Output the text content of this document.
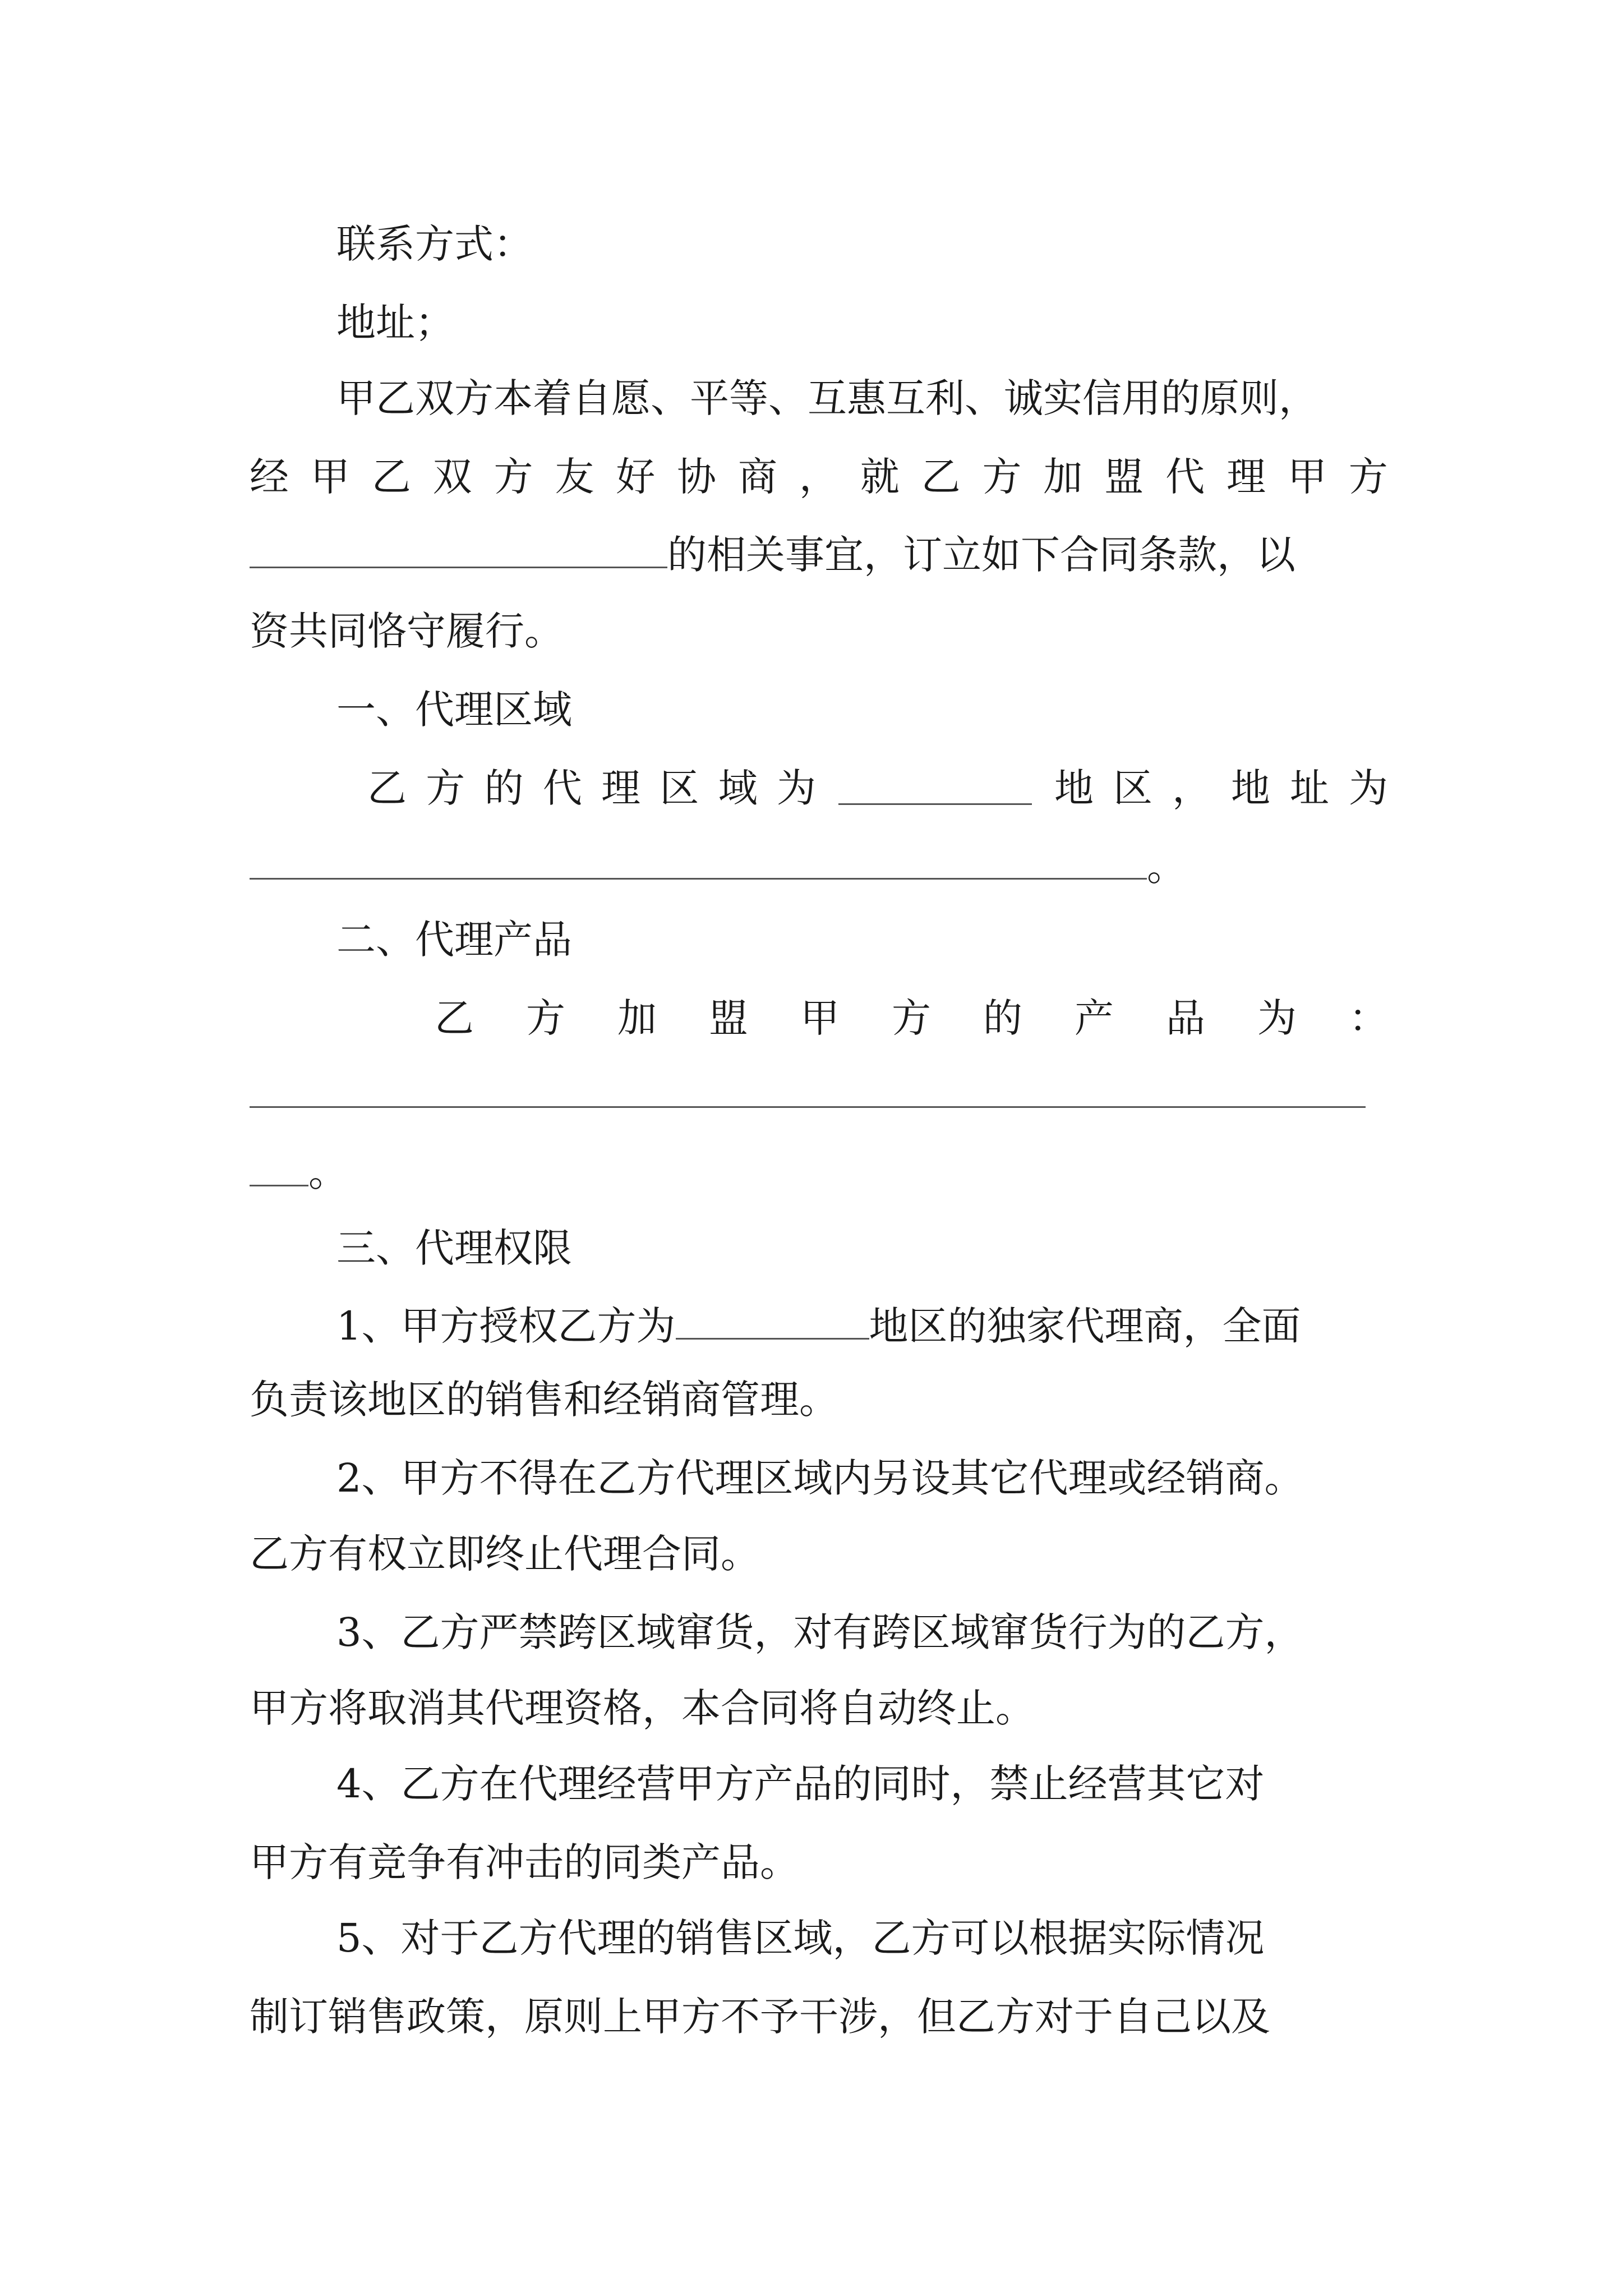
联系方式：
地址；
甲乙双方本着自愿、平等、互惠互利、诚实信用的原则，
经 甲 乙 双 方 友 好 协 商 ， 就 乙 方 加 盟 代 理 甲 方
的相关事宜，订立如下合同条款，以
资共同恪守履行。
一、代理区域
乙 方 的 代 理 区 域 为	地 区 ， 地 址 为
。
二、代理产品
乙 方 加 盟 甲 方 的 产 品 为 ：
。
三、代理权限
1、甲方授权乙方为	地区的独家代理商，全面
负责该地区的销售和经销商管理。
2、甲方不得在乙方代理区域内另设其它代理或经销商。
乙方有权立即终止代理合同。
3、乙方严禁跨区域窜货，对有跨区域窜货行为的乙方，
甲方将取消其代理资格，本合同将自动终止。
4、乙方在代理经营甲方产品的同时，禁止经营其它对
甲方有竞争有冲击的同类产品。
5、对于乙方代理的销售区域，乙方可以根据实际情况
制订销售政策，原则上甲方不予干涉，但乙方对于自己以及
